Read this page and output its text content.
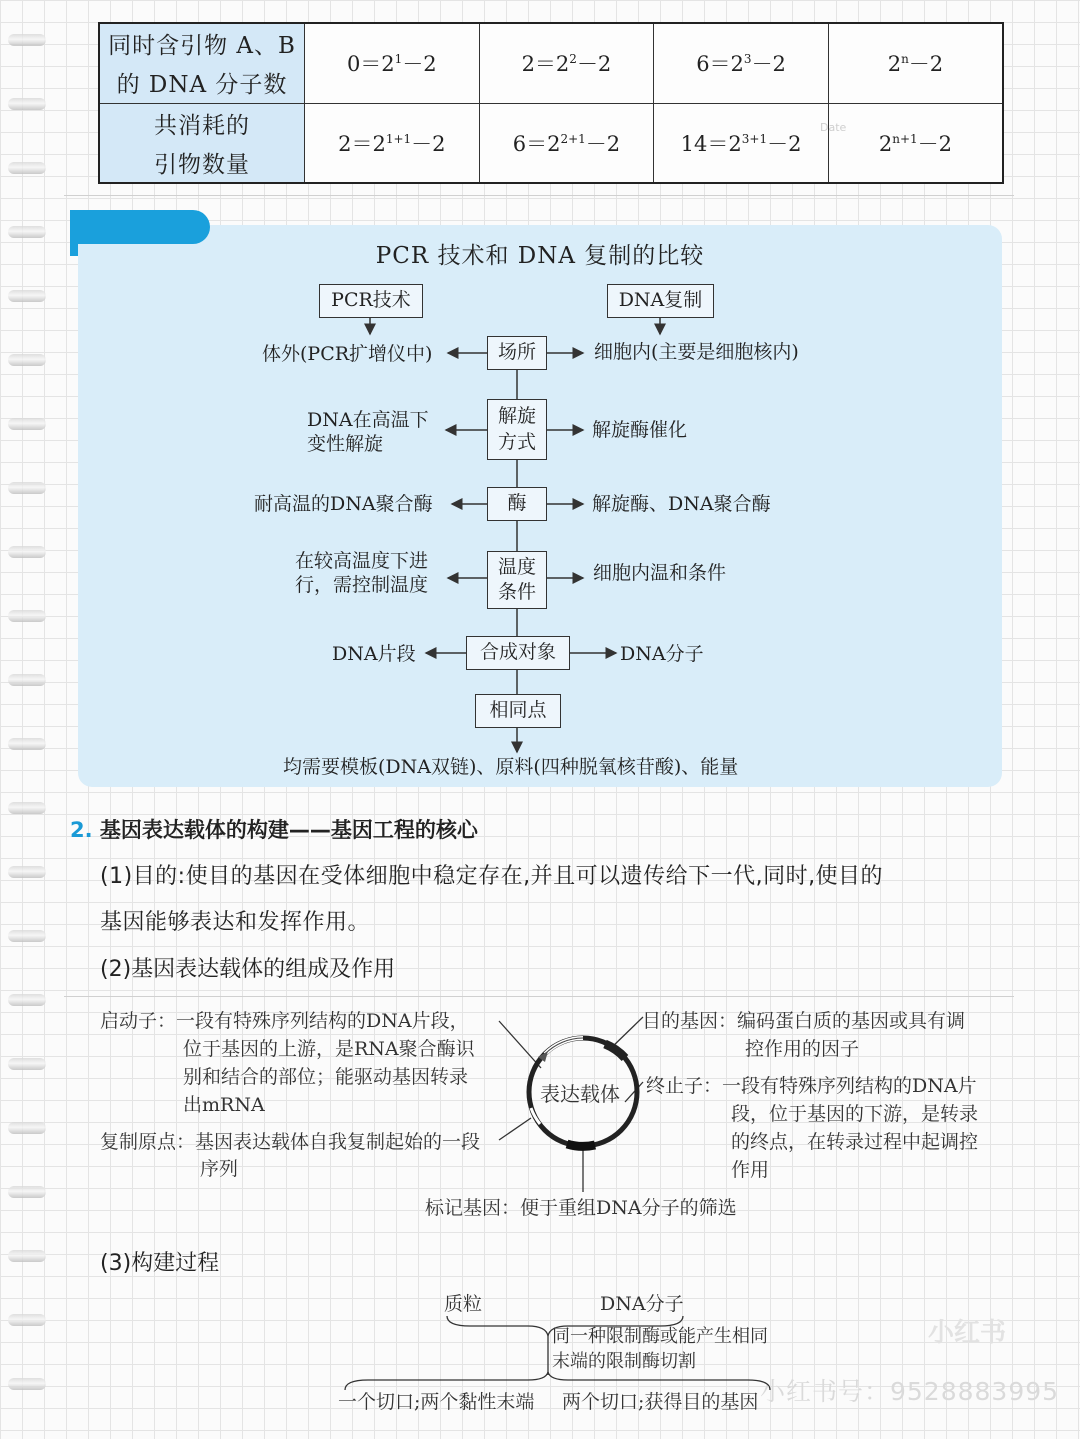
同时含引物 A、B
的 DNA 分子数	$0=2^1-2$	$2=2^2-2$	$6=2^3-2$	$2^n-2$

共消耗的
引物数量	$2=2^{1+1}-2$	$6=2^{2+1}-2$	$14=2^{3+1}-2$	$2^{n+1}-2$
Date
PCR 技术和 DNA 复制的比较
PCR技术	DNA复制
场所
解旋
方式
酶
温度
条件
合成对象
相同点
体外(PCR扩增仪中)	细胞内(主要是细胞核内)
DNA在高温下
变性解旋
解旋酶催化
耐高温的DNA聚合酶	解旋酶、DNA聚合酶
在较高温度下进
行，需控制温度
细胞内温和条件
DNA片段	DNA分子
均需要模板(DNA双链)、原料(四种脱氧核苷酸)、能量
2. 基因表达载体的构建——基因工程的核心
(1)目的:使目的基因在受体细胞中稳定存在,并且可以遗传给下一代,同时,使目的
基因能够表达和发挥作用。
(2)基因表达载体的组成及作用
表达载体
启动子：一段有特殊序列结构的DNA片段，
位于基因的上游，是RNA聚合酶识
别和结合的部位；能驱动基因转录
出mRNA
复制原点：基因表达载体自我复制起始的一段
序列
目的基因：编码蛋白质的基因或具有调
控作用的因子
终止子：一段有特殊序列结构的DNA片
段，位于基因的下游，是转录
的终点，在转录过程中起调控
作用
标记基因：便于重组DNA分子的筛选
(3)构建过程
质粒	DNA分子
同一种限制酶或能产生相同
末端的限制酶切割
一个切口;两个黏性末端 两个切口;获得目的基因
小红书
小红书号：9528883995
